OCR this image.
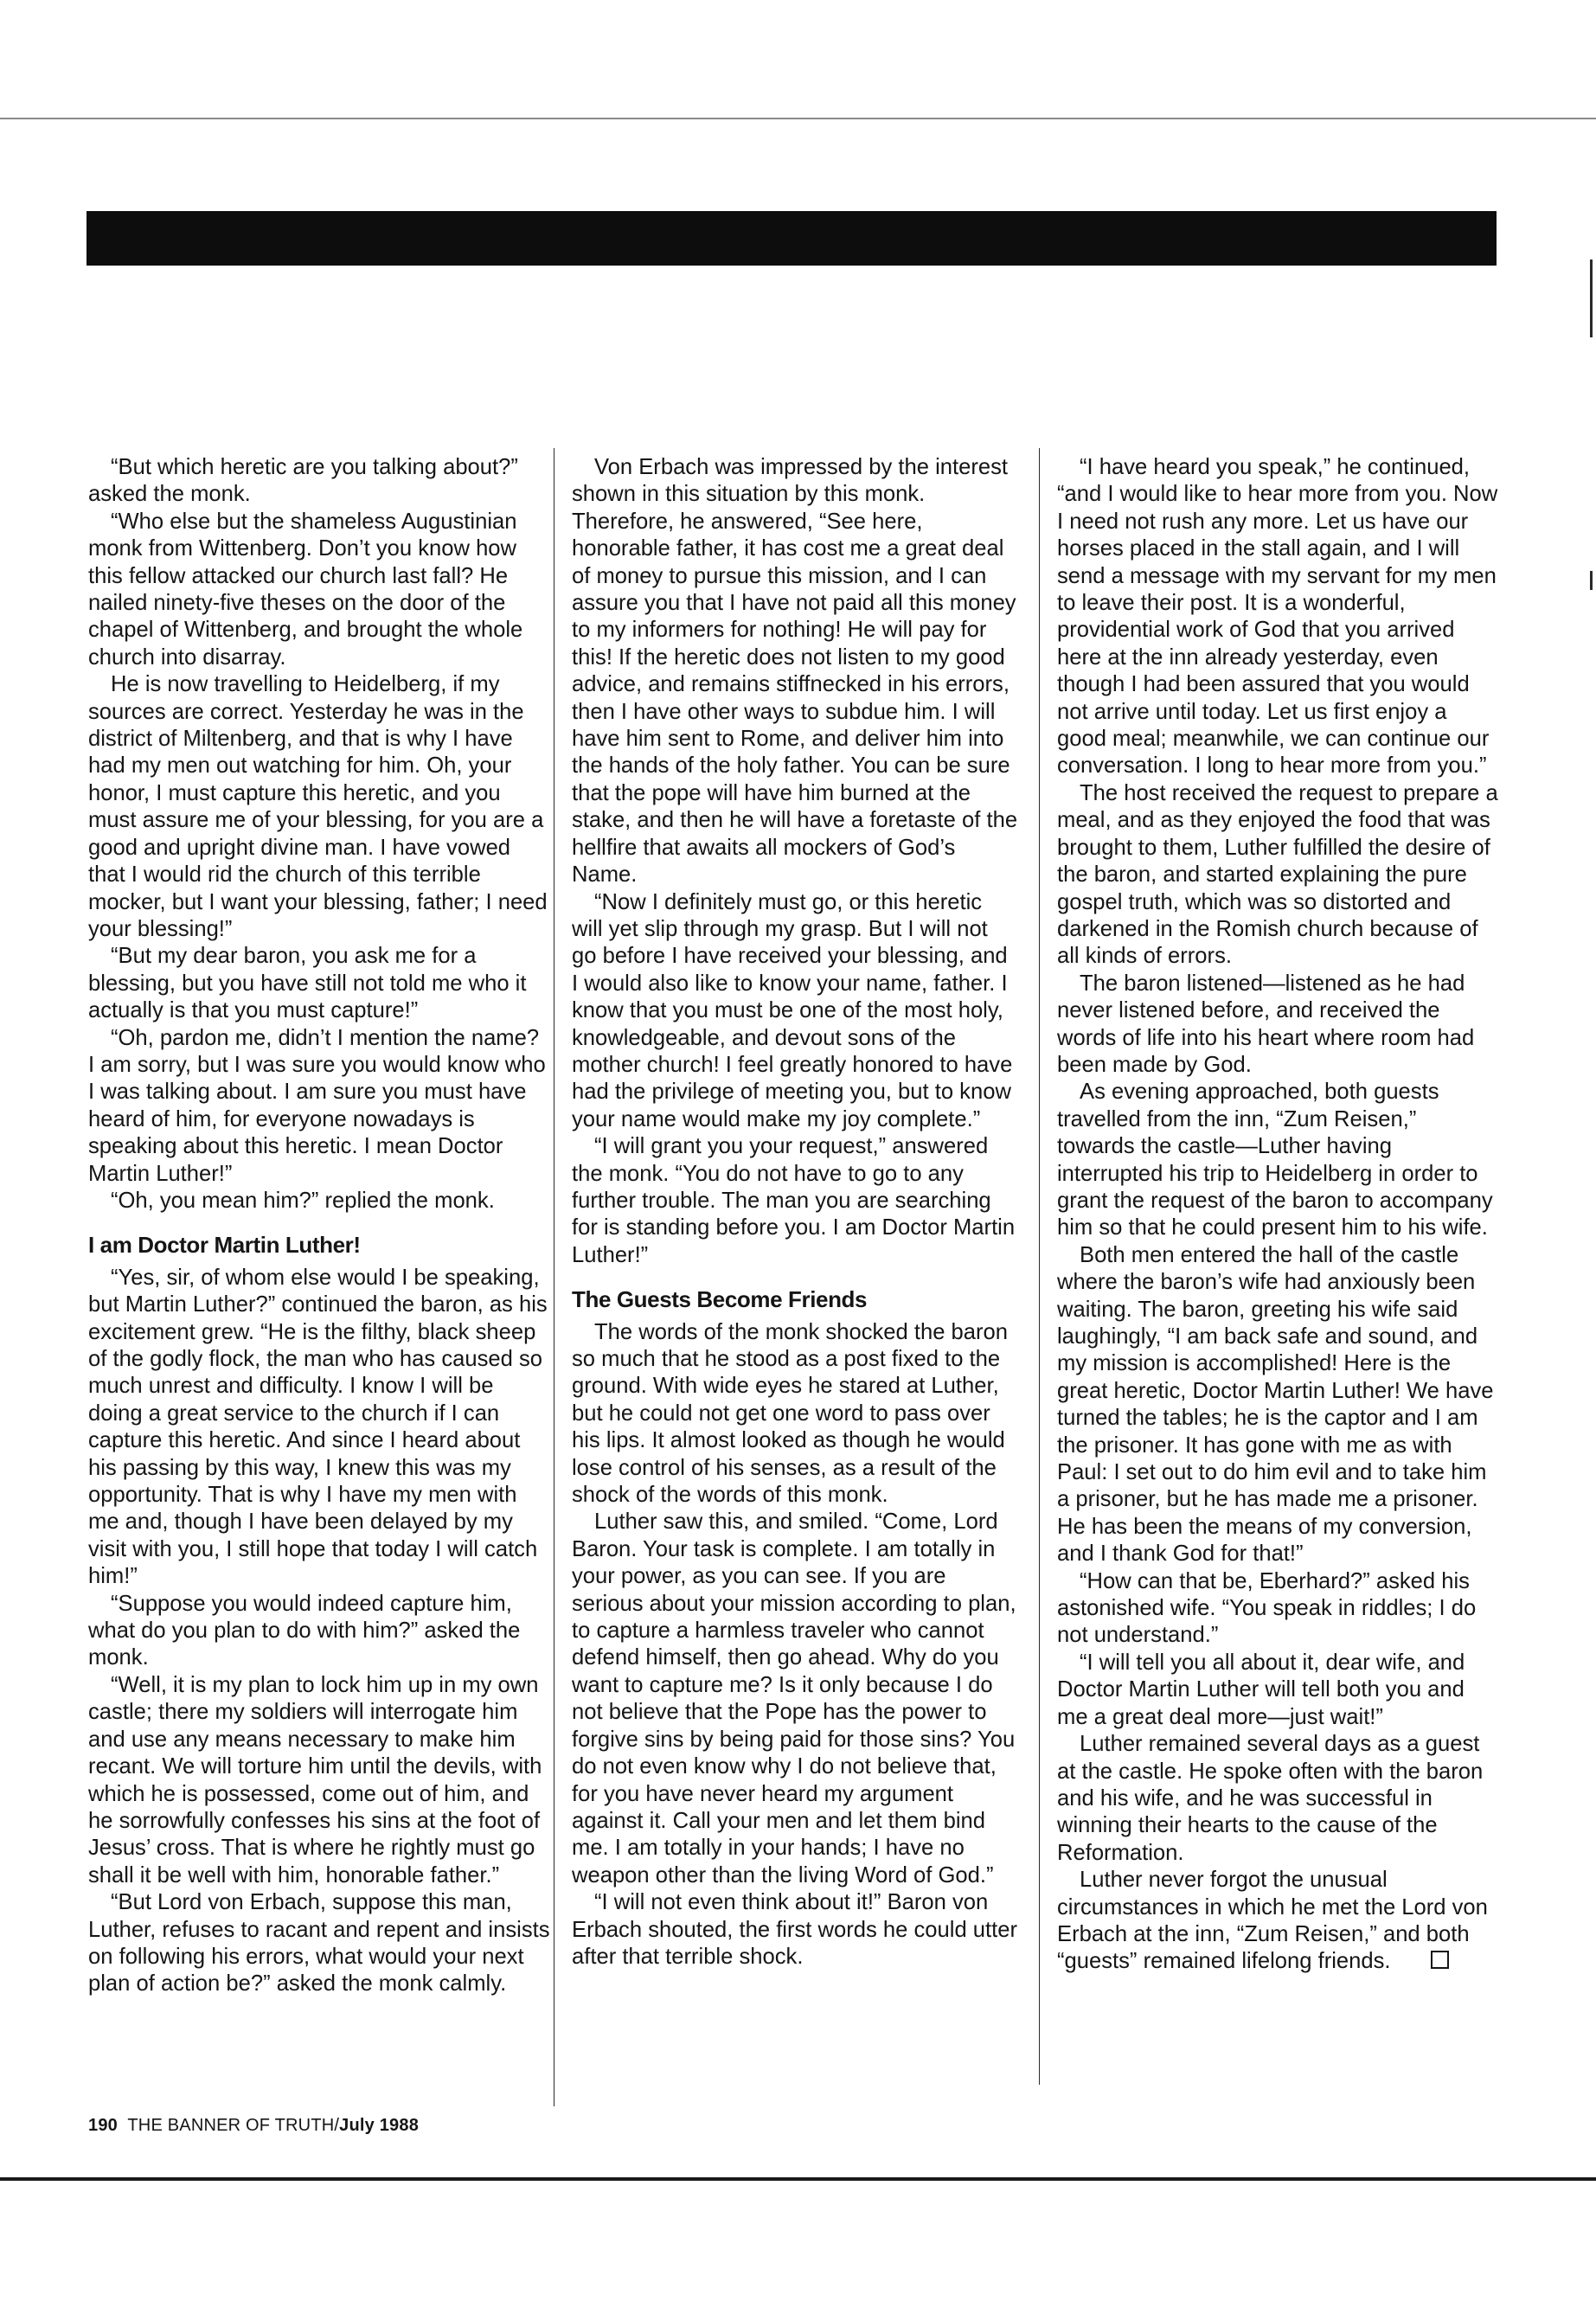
“But which heretic are you talking about?” asked the monk.

“Who else but the shameless Augustinian monk from Wittenberg. Don’t you know how this fellow attacked our church last fall? He nailed ninety-five theses on the door of the chapel of Wittenberg, and brought the whole church into disarray.

He is now travelling to Heidelberg, if my sources are correct. Yesterday he was in the district of Miltenberg, and that is why I have had my men out watching for him. Oh, your honor, I must capture this heretic, and you must assure me of your blessing, for you are a good and upright divine man. I have vowed that I would rid the church of this terrible mocker, but I want your blessing, father; I need your blessing!”

“But my dear baron, you ask me for a blessing, but you have still not told me who it actually is that you must capture!”

“Oh, pardon me, didn’t I mention the name? I am sorry, but I was sure you would know who I was talking about. I am sure you must have heard of him, for everyone nowadays is speaking about this heretic. I mean Doctor Martin Luther!”

“Oh, you mean him?” replied the monk.

I am Doctor Martin Luther!

“Yes, sir, of whom else would I be speaking, but Martin Luther?” continued the baron, as his excitement grew. “He is the filthy, black sheep of the godly flock, the man who has caused so much unrest and difficulty. I know I will be doing a great service to the church if I can capture this heretic. And since I heard about his passing by this way, I knew this was my opportunity. That is why I have my men with me and, though I have been delayed by my visit with you, I still hope that today I will catch him!”

“Suppose you would indeed capture him, what do you plan to do with him?” asked the monk.

“Well, it is my plan to lock him up in my own castle; there my soldiers will interrogate him and use any means necessary to make him recant. We will torture him until the devils, with which he is possessed, come out of him, and he sorrowfully confesses his sins at the foot of Jesus’ cross. That is where he rightly must go shall it be well with him, honorable father.”

“But Lord von Erbach, suppose this man, Luther, refuses to racant and repent and insists on following his errors, what would your next plan of action be?” asked the monk calmly.

Von Erbach was impressed by the interest shown in this situation by this monk. Therefore, he answered, “See here, honorable father, it has cost me a great deal of money to pursue this mission, and I can assure you that I have not paid all this money to my informers for nothing! He will pay for this! If the heretic does not listen to my good advice, and remains stiffnecked in his errors, then I have other ways to subdue him. I will have him sent to Rome, and deliver him into the hands of the holy father. You can be sure that the pope will have him burned at the stake, and then he will have a foretaste of the hellfire that awaits all mockers of God’s Name.

“Now I definitely must go, or this heretic will yet slip through my grasp. But I will not go before I have received your blessing, and I would also like to know your name, father. I know that you must be one of the most holy, knowledgeable, and devout sons of the mother church! I feel greatly honored to have had the privilege of meeting you, but to know your name would make my joy complete.”

“I will grant you your request,” answered the monk. “You do not have to go to any further trouble. The man you are searching for is standing before you. I am Doctor Martin Luther!”

The Guests Become Friends

The words of the monk shocked the baron so much that he stood as a post fixed to the ground. With wide eyes he stared at Luther, but he could not get one word to pass over his lips. It almost looked as though he would lose control of his senses, as a result of the shock of the words of this monk.

Luther saw this, and smiled. “Come, Lord Baron. Your task is complete. I am totally in your power, as you can see. If you are serious about your mission according to plan, to capture a harmless traveler who cannot defend himself, then go ahead. Why do you want to capture me? Is it only because I do not believe that the Pope has the power to forgive sins by being paid for those sins? You do not even know why I do not believe that, for you have never heard my argument against it. Call your men and let them bind me. I am totally in your hands; I have no weapon other than the living Word of God.”

“I will not even think about it!” Baron von Erbach shouted, the first words he could utter after that terrible shock.

“I have heard you speak,” he continued, “and I would like to hear more from you. Now I need not rush any more. Let us have our horses placed in the stall again, and I will send a message with my servant for my men to leave their post. It is a wonderful, providential work of God that you arrived here at the inn already yesterday, even though I had been assured that you would not arrive until today. Let us first enjoy a good meal; meanwhile, we can continue our conversation. I long to hear more from you.”

The host received the request to prepare a meal, and as they enjoyed the food that was brought to them, Luther fulfilled the desire of the baron, and started explaining the pure gospel truth, which was so distorted and darkened in the Romish church because of all kinds of errors.

The baron listened—listened as he had never listened before, and received the words of life into his heart where room had been made by God.

As evening approached, both guests travelled from the inn, “Zum Reisen,” towards the castle—Luther having interrupted his trip to Heidelberg in order to grant the request of the baron to accompany him so that he could present him to his wife.

Both men entered the hall of the castle where the baron’s wife had anxiously been waiting. The baron, greeting his wife said laughingly, “I am back safe and sound, and my mission is accomplished! Here is the great heretic, Doctor Martin Luther! We have turned the tables; he is the captor and I am the prisoner. It has gone with me as with Paul: I set out to do him evil and to take him a prisoner, but he has made me a prisoner. He has been the means of my conversion, and I thank God for that!”

“How can that be, Eberhard?” asked his astonished wife. “You speak in riddles; I do not understand.”

“I will tell you all about it, dear wife, and Doctor Martin Luther will tell both you and me a great deal more—just wait!”

Luther remained several days as a guest at the castle. He spoke often with the baron and his wife, and he was successful in winning their hearts to the cause of the Reformation.

Luther never forgot the unusual circumstances in which he met the Lord von Erbach at the inn, “Zum Reisen,” and both “guests” remained lifelong friends.

190 THE BANNER OF TRUTH/July 1988
